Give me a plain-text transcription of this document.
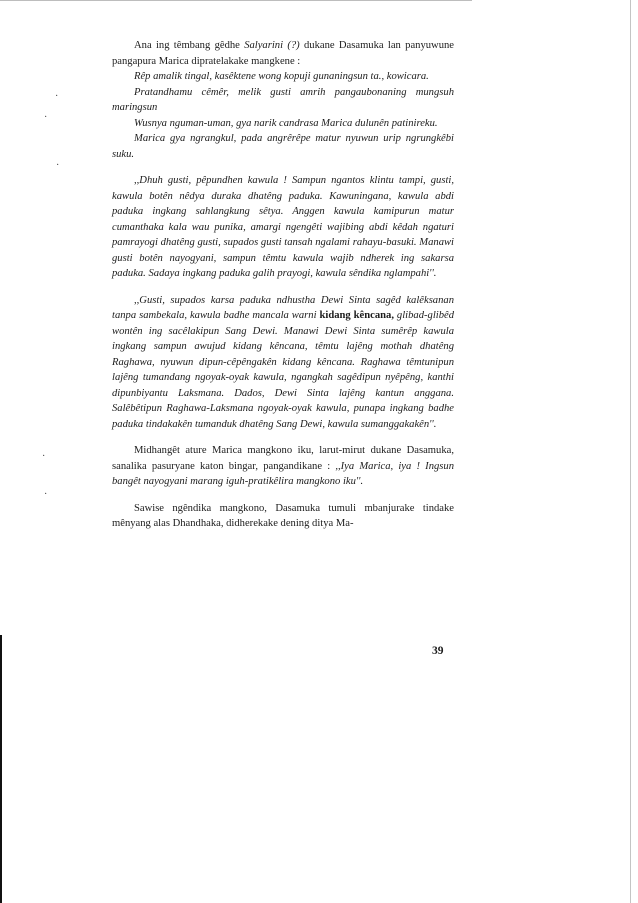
·
·
·
·
·

Ana ing têmbang gêdhe Salyarini (?) dukane Dasamuka lan panyuwune pangapura Marica dipratelakake mangkene :

Rêp amalik tingal, kasêktene wong kopuji gunaningsun ta., kowicara.

Pratandhamu cêmêr, melik gusti amrih pangaubonaning mungsuh maringsun

Wusnya nguman-uman, gya narik candrasa Marica dulunên patinireku.

Marica gya ngrangkul, pada angrêrêpe matur nyuwun urip ngrungkêbi suku.

,,Dhuh gusti, pêpundhen kawula ! Sampun ngantos klintu tampi, gusti, kawula botên nêdya duraka dhatêng paduka. Kawuningana, kawula abdi paduka ingkang sahlangkung sêtya. Anggen kawula kamipurun matur cumanthaka kala wau punika, amargi ngengêti wajibing abdi kêdah ngaturi pamrayogi dhatêng gusti, supados gusti tansah ngalami rahayu-basuki. Manawi gusti botên nayogyani, sampun têmtu kawula wajib ndherek ing sakarsa paduka. Sadaya ingkang paduka galih prayogi, kawula sêndika nglampahi''.

,,Gusti, supados karsa paduka ndhustha Dewi Sinta sagêd kalêksanan tanpa sambekala, kawula badhe mancala warni kidang kêncana, glibad-glibêd wontên ing sacêlakipun Sang Dewi. Manawi Dewi Sinta sumêrêp kawula ingkang sampun awujud kidang kêncana, têmtu lajêng mothah dhatêng Raghawa, nyuwun dipun-cêpêngakên kidang kêncana. Raghawa têmtunipun lajêng tumandang ngoyak-oyak kawula, ngangkah sagêdipun nyêpêng, kanthi dipunbiyantu Laksmana. Dados, Dewi Sinta lajêng kantun anggana. Salêbêtipun Raghawa-Laksmana ngoyak-oyak kawula, punapa ingkang badhe paduka tindakakên tumanduk dhatêng Sang Dewi, kawula sumanggakakên''.

Midhangêt ature Marica mangkono iku, larut-mirut dukane Dasamuka, sanalika pasuryane katon bingar, pangandikane : ,,Iya Marica, iya ! Ingsun bangêt nayogyani marang iguh-pratikêlira mangkono iku''.

Sawise ngêndika mangkono, Dasamuka tumuli mbanjurake tindake mênyang alas Dhandhaka, didherekake dening ditya Ma-

39
